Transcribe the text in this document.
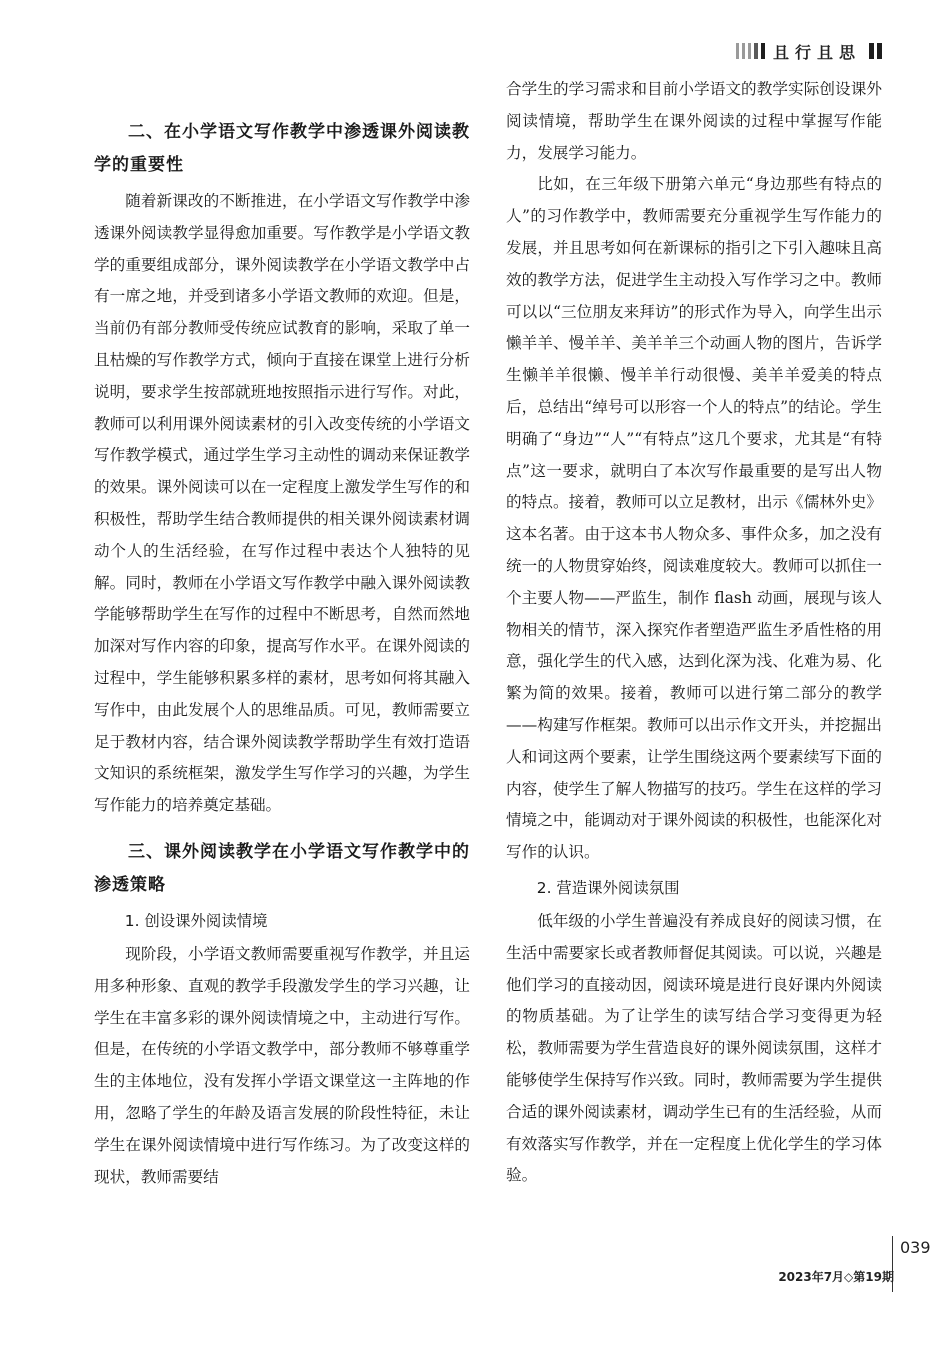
且行且思
二、在小学语文写作教学中渗透课外阅读教学的重要性

随着新课改的不断推进，在小学语文写作教学中渗透课外阅读教学显得愈加重要。写作教学是小学语文教学的重要组成部分，课外阅读教学在小学语文教学中占有一席之地，并受到诸多小学语文教师的欢迎。但是，当前仍有部分教师受传统应试教育的影响，采取了单一且枯燥的写作教学方式，倾向于直接在课堂上进行分析说明，要求学生按部就班地按照指示进行写作。对此，教师可以利用课外阅读素材的引入改变传统的小学语文写作教学模式，通过学生学习主动性的调动来保证教学的效果。课外阅读可以在一定程度上激发学生写作的和积极性，帮助学生结合教师提供的相关课外阅读素材调动个人的生活经验，在写作过程中表达个人独特的见解。同时，教师在小学语文写作教学中融入课外阅读教学能够帮助学生在写作的过程中不断思考，自然而然地加深对写作内容的印象，提高写作水平。在课外阅读的过程中，学生能够积累多样的素材，思考如何将其融入写作中，由此发展个人的思维品质。可见，教师需要立足于教材内容，结合课外阅读教学帮助学生有效打造语文知识的系统框架，激发学生写作学习的兴趣，为学生写作能力的培养奠定基础。

三、课外阅读教学在小学语文写作教学中的渗透策略
1. 创设课外阅读情境

现阶段，小学语文教师需要重视写作教学，并且运用多种形象、直观的教学手段激发学生的学习兴趣，让学生在丰富多彩的课外阅读情境之中，主动进行写作。但是，在传统的小学语文教学中，部分教师不够尊重学生的主体地位，没有发挥小学语文课堂这一主阵地的作用，忽略了学生的年龄及语言发展的阶段性特征，未让学生在课外阅读情境中进行写作练习。为了改变这样的现状，教师需要结

合学生的学习需求和目前小学语文的教学实际创设课外阅读情境，帮助学生在课外阅读的过程中掌握写作能力，发展学习能力。

比如，在三年级下册第六单元“身边那些有特点的人”的习作教学中，教师需要充分重视学生写作能力的发展，并且思考如何在新课标的指引之下引入趣味且高效的教学方法，促进学生主动投入写作学习之中。教师可以以“三位朋友来拜访”的形式作为导入，向学生出示懒羊羊、慢羊羊、美羊羊三个动画人物的图片，告诉学生懒羊羊很懒、慢羊羊行动很慢、美羊羊爱美的特点后，总结出“绰号可以形容一个人的特点”的结论。学生明确了“身边”“人”“有特点”这几个要求，尤其是“有特点”这一要求，就明白了本次写作最重要的是写出人物的特点。接着，教师可以立足教材，出示《儒林外史》这本名著。由于这本书人物众多、事件众多，加之没有统一的人物贯穿始终，阅读难度较大。教师可以抓住一个主要人物——严监生，制作 flash 动画，展现与该人物相关的情节，深入探究作者塑造严监生矛盾性格的用意，强化学生的代入感，达到化深为浅、化难为易、化繁为简的效果。接着，教师可以进行第二部分的教学——构建写作框架。教师可以出示作文开头，并挖掘出人和词这两个要素，让学生围绕这两个要素续写下面的内容，使学生了解人物描写的技巧。学生在这样的学习情境之中，能调动对于课外阅读的积极性，也能深化对写作的认识。

2. 营造课外阅读氛围

低年级的小学生普遍没有养成良好的阅读习惯，在生活中需要家长或者教师督促其阅读。可以说，兴趣是他们学习的直接动因，阅读环境是进行良好课内外阅读的物质基础。为了让学生的读写结合学习变得更为轻松，教师需要为学生营造良好的课外阅读氛围，这样才能够使学生保持写作兴致。同时，教师需要为学生提供合适的课外阅读素材，调动学生已有的生活经验，从而有效落实写作教学，并在一定程度上优化学生的学习体验。

039
2023年7月◇第19期
